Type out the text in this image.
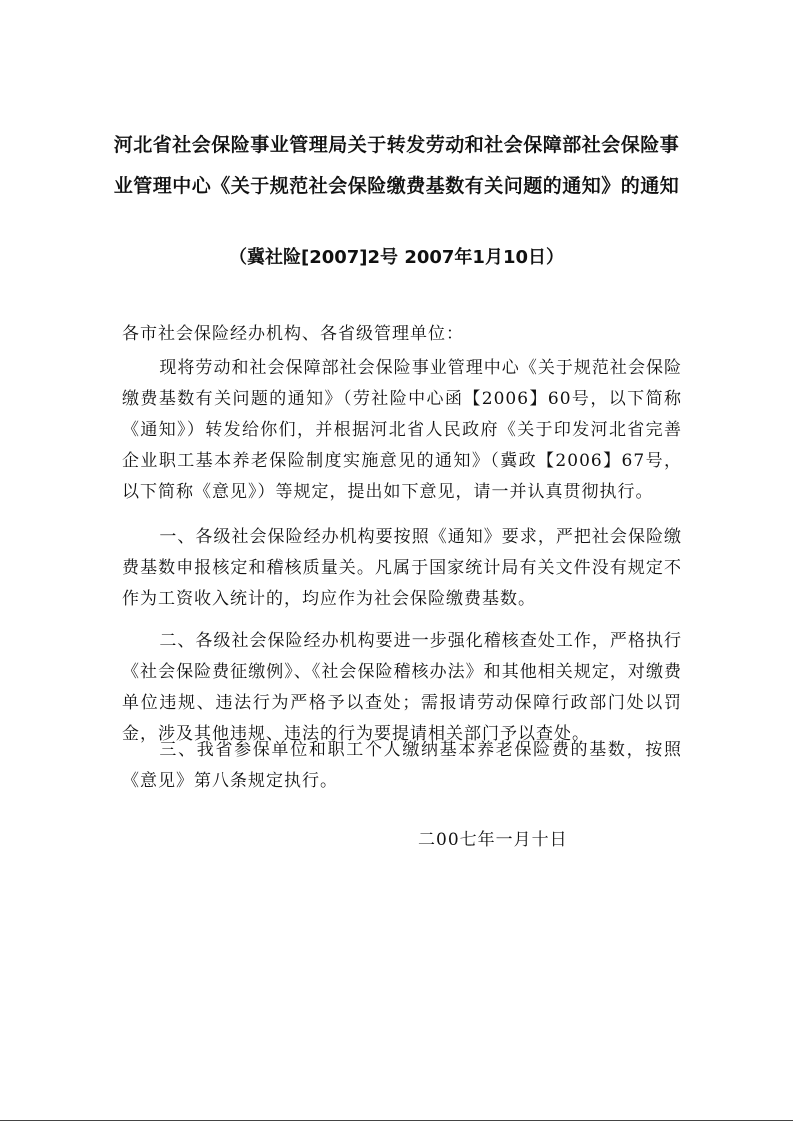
河北省社会保险事业管理局关于转发劳动和社会保障部社会保险事
业管理中心《关于规范社会保险缴费基数有关问题的通知》的通知

（冀社险[2007]2号 2007年1月10日）

各市社会保险经办机构、各省级管理单位：

现将劳动和社会保障部社会保险事业管理中心《关于规范社会保险缴费基数有关问题的通知》（劳社险中心函【2006】60号，以下简称《通知》）转发给你们，并根据河北省人民政府《关于印发河北省完善企业职工基本养老保险制度实施意见的通知》（冀政【2006】67号，以下简称《意见》）等规定，提出如下意见，请一并认真贯彻执行。

一、各级社会保险经办机构要按照《通知》要求，严把社会保险缴费基数申报核定和稽核质量关。凡属于国家统计局有关文件没有规定不作为工资收入统计的，均应作为社会保险缴费基数。

二、各级社会保险经办机构要进一步强化稽核查处工作，严格执行《社会保险费征缴例》、《社会保险稽核办法》和其他相关规定，对缴费单位违规、违法行为严格予以查处；需报请劳动保障行政部门处以罚金，涉及其他违规、违法的行为要提请相关部门予以查处。

三、我省参保单位和职工个人缴纳基本养老保险费的基数，按照《意见》第八条规定执行。

二00七年一月十日
